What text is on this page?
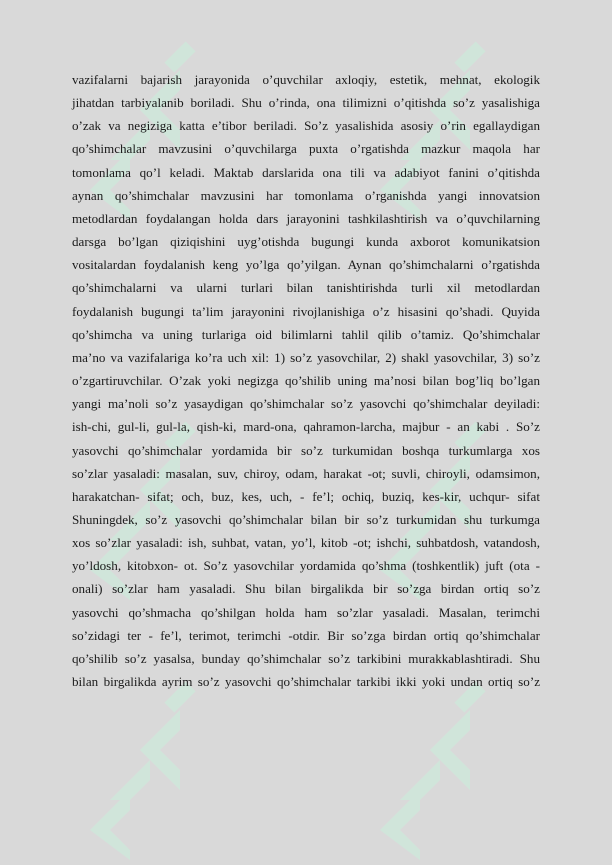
vazifalarni bajarish jarayonida o’quvchilar axloqiy, estetik, mehnat, ekologik
jihatdan tarbiyalanib boriladi. Shu o’rinda, ona tilimizni o’qitishda so’z yasalishiga
o’zak va negiziga katta e’tibor beriladi. So’z yasalishida asosiy o’rin egallaydigan
qo’shimchalar mavzusini o’quvchilarga puxta o’rgatishda mazkur maqola har
tomonlama qo’l keladi. Maktab darslarida ona tili va adabiyot fanini o’qitishda
aynan qo’shimchalar mavzusini har tomonlama o’rganishda yangi innovatsion
metodlardan foydalangan holda dars jarayonini tashkilashtirish va o’quvchilarning
darsga bo’lgan qiziqishini uyg’otishda bugungi kunda axborot komunikatsion
vositalardan foydalanish keng yo’lga qo’yilgan. Aynan qo’shimchalarni o’rgatishda
qo’shimchalarni va ularni turlari bilan tanishtirishda turli xil metodlardan
foydalanish bugungi ta’lim jarayonini rivojlanishiga o’z hisasini qo’shadi. Quyida
qo’shimcha va uning turlariga oid bilimlarni tahlil qilib o’tamiz. Qo’shimchalar
ma’no va vazifalariga ko’ra uch xil: 1) so’z yasovchilar, 2) shakl yasovchilar, 3) so’z
o’zgartiruvchilar. O’zak yoki negizga qo’shilib uning ma’nosi bilan bog’liq bo’lgan
yangi ma’noli so’z yasaydigan qo’shimchalar so’z yasovchi qo’shimchalar deyiladi:
ish-chi, gul-li, gul-la, qish-ki, mard-ona, qahramon-larcha, majbur - an kabi . So’z
yasovchi qo’shimchalar yordamida bir so’z turkumidan boshqa turkumlarga xos
so’zlar yasaladi: masalan, suv, chiroy, odam, harakat -ot; suvli, chiroyli, odamsimon,
harakatchan- sifat; och, buz, kes, uch, - fe’l; ochiq, buziq, kes-kir, uchqur- sifat
Shuningdek, so’z yasovchi qo’shimchalar bilan bir so’z turkumidan shu turkumga
xos so’zlar yasaladi: ish, suhbat, vatan, yo’l, kitob -ot; ishchi, suhbatdosh, vatandosh,
yo’ldosh, kitobxon- ot. So’z yasovchilar yordamida qo’shma (toshkentlik) juft (ota -
onali) so’zlar ham yasaladi. Shu bilan birgalikda bir so’zga birdan ortiq so’z
yasovchi qo’shmacha qo’shilgan holda ham so’zlar yasaladi. Masalan, terimchi
so’zidagi ter - fe’l, terimot, terimchi -otdir. Bir so’zga birdan ortiq qo’shimchalar
qo’shilib so’z yasalsa, bunday qo’shimchalar so’z tarkibini murakkablashtiradi. Shu
bilan birgalikda ayrim so’z yasovchi qo’shimchalar tarkibi ikki yoki undan ortiq so’z
